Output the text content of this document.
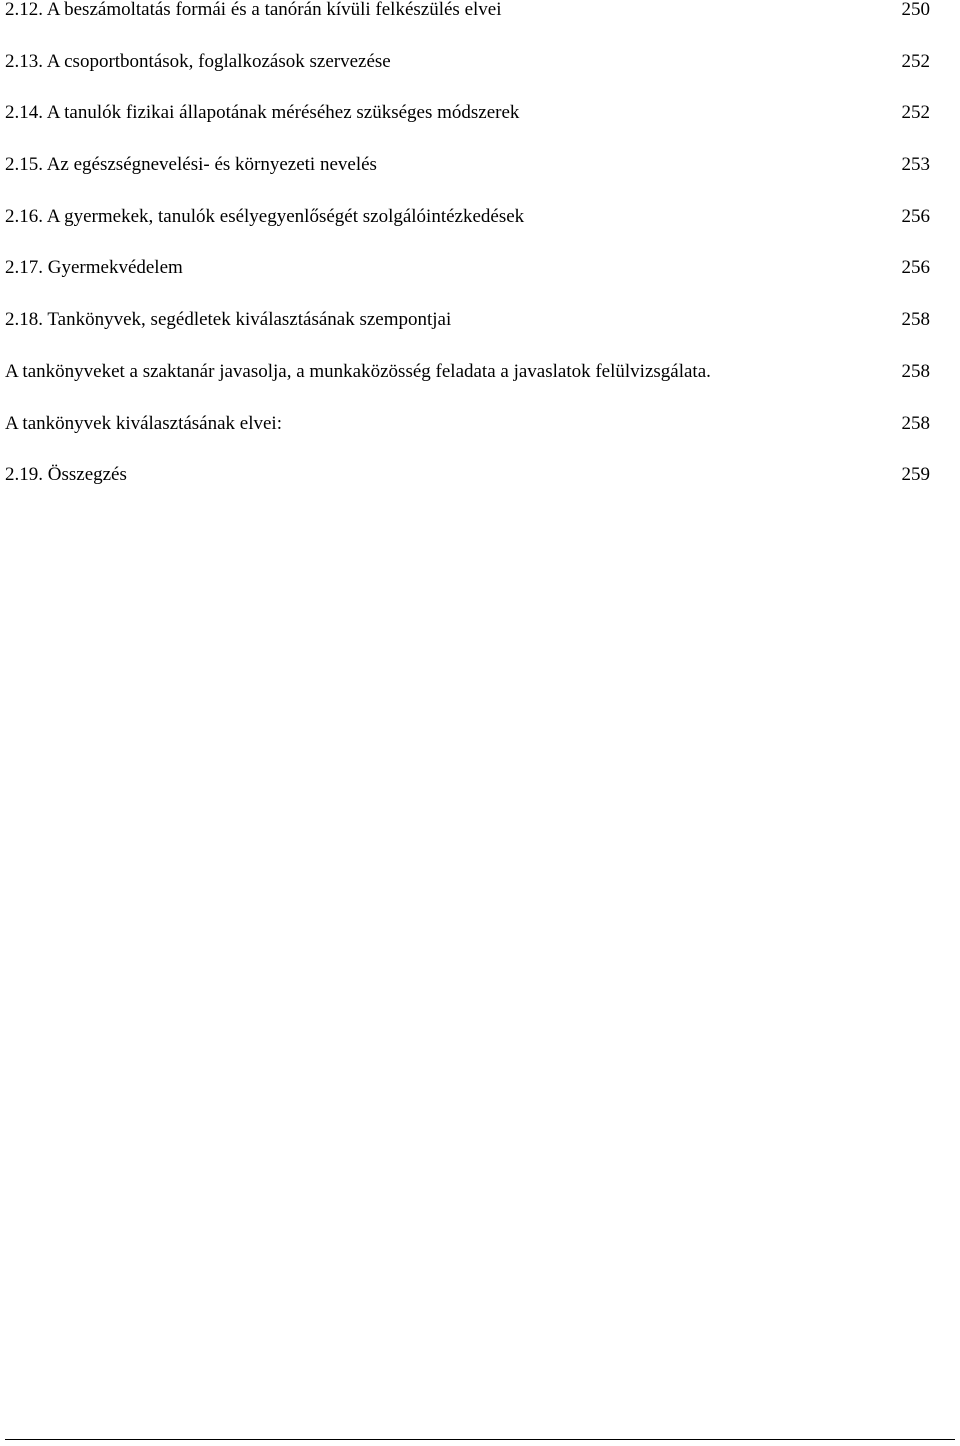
2.12. A beszámoltatás formái és a tanórán kívüli felkészülés elvei	250
2.13. A csoportbontások, foglalkozások szervezése	252
2.14. A tanulók fizikai állapotának méréséhez szükséges módszerek	252
2.15. Az egészségnevelési- és környezeti nevelés	253
2.16. A gyermekek, tanulók esélyegyenlőségét szolgálóintézkedések	256
2.17. Gyermekvédelem	256
2.18. Tankönyvek, segédletek kiválasztásának szempontjai	258
A tankönyveket a szaktanár javasolja, a munkaközösség feladata a javaslatok felülvizsgálata.	258
A tankönyvek kiválasztásának elvei:	258
2.19. Összegzés	259
